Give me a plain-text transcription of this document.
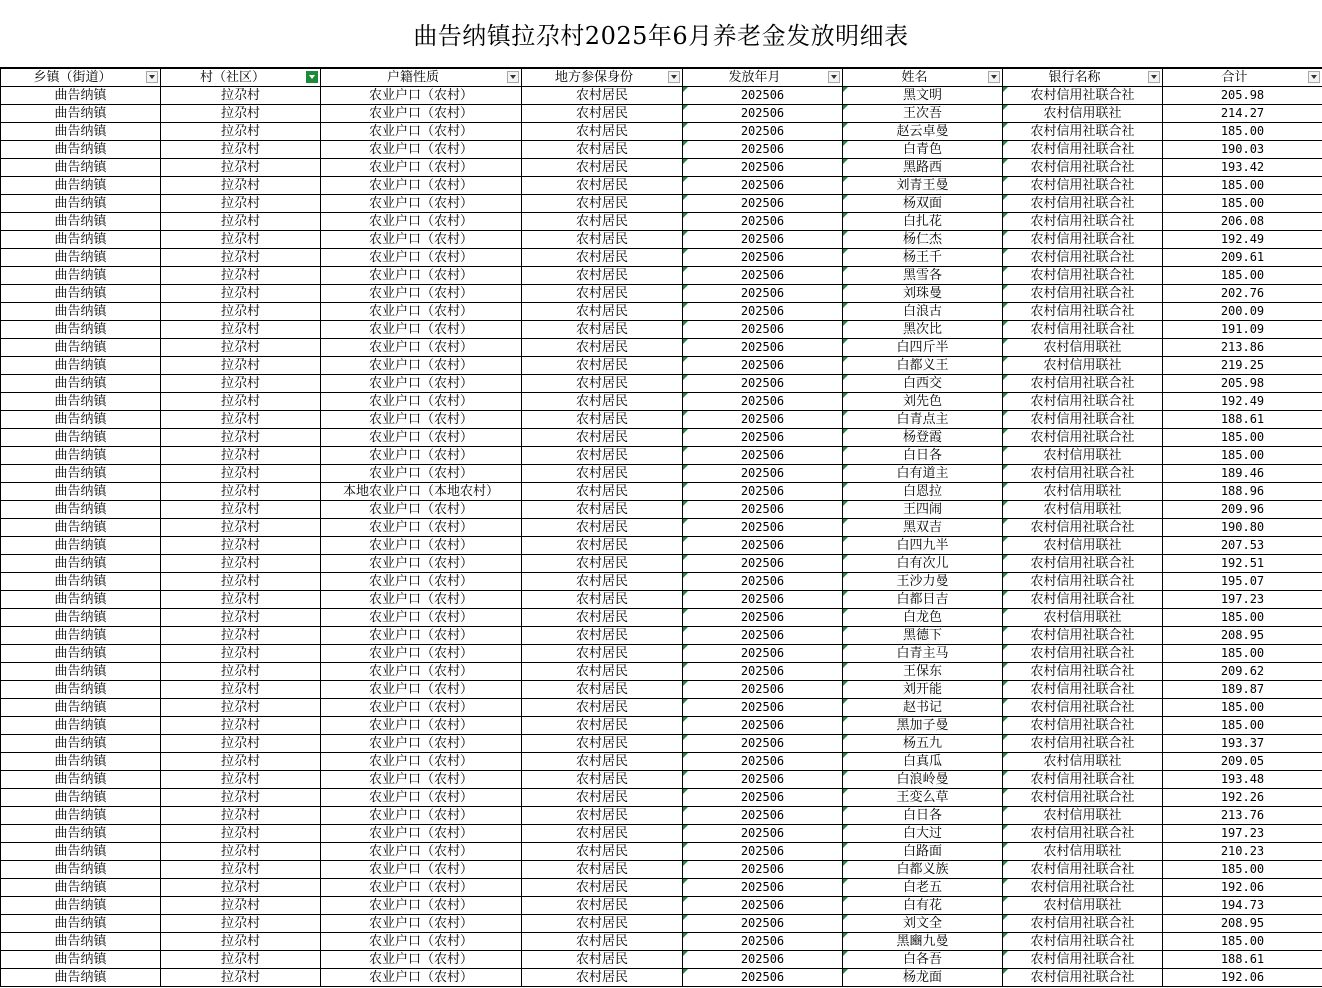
曲告纳镇拉尕村2025年6月养老金发放明细表
乡镇（街道）	村（社区）	户籍性质	地方参保身份	发放年月	姓名	银行名称	合计

曲告纳镇	拉尕村	农业户口（农村）	农村居民	202506	黑文明	农村信用社联合社	205.98
曲告纳镇	拉尕村	农业户口（农村）	农村居民	202506	王次吾	农村信用联社	214.27
曲告纳镇	拉尕村	农业户口（农村）	农村居民	202506	赵云卓曼	农村信用社联合社	185.00
曲告纳镇	拉尕村	农业户口（农村）	农村居民	202506	白青色	农村信用社联合社	190.03
曲告纳镇	拉尕村	农业户口（农村）	农村居民	202506	黑路西	农村信用社联合社	193.42
曲告纳镇	拉尕村	农业户口（农村）	农村居民	202506	刘青王曼	农村信用社联合社	185.00
曲告纳镇	拉尕村	农业户口（农村）	农村居民	202506	杨双面	农村信用社联合社	185.00
曲告纳镇	拉尕村	农业户口（农村）	农村居民	202506	白扎花	农村信用社联合社	206.08
曲告纳镇	拉尕村	农业户口（农村）	农村居民	202506	杨仁杰	农村信用社联合社	192.49
曲告纳镇	拉尕村	农业户口（农村）	农村居民	202506	杨王千	农村信用社联合社	209.61
曲告纳镇	拉尕村	农业户口（农村）	农村居民	202506	黑雪各	农村信用社联合社	185.00
曲告纳镇	拉尕村	农业户口（农村）	农村居民	202506	刘珠曼	农村信用社联合社	202.76
曲告纳镇	拉尕村	农业户口（农村）	农村居民	202506	白浪古	农村信用社联合社	200.09
曲告纳镇	拉尕村	农业户口（农村）	农村居民	202506	黑次比	农村信用社联合社	191.09
曲告纳镇	拉尕村	农业户口（农村）	农村居民	202506	白四斤半	农村信用联社	213.86
曲告纳镇	拉尕村	农业户口（农村）	农村居民	202506	白都义王	农村信用联社	219.25
曲告纳镇	拉尕村	农业户口（农村）	农村居民	202506	白西交	农村信用社联合社	205.98
曲告纳镇	拉尕村	农业户口（农村）	农村居民	202506	刘先色	农村信用社联合社	192.49
曲告纳镇	拉尕村	农业户口（农村）	农村居民	202506	白青点主	农村信用社联合社	188.61
曲告纳镇	拉尕村	农业户口（农村）	农村居民	202506	杨登霞	农村信用社联合社	185.00
曲告纳镇	拉尕村	农业户口（农村）	农村居民	202506	白日各	农村信用联社	185.00
曲告纳镇	拉尕村	农业户口（农村）	农村居民	202506	白有道主	农村信用社联合社	189.46
曲告纳镇	拉尕村	本地农业户口（本地农村）	农村居民	202506	白恩拉	农村信用联社	188.96
曲告纳镇	拉尕村	农业户口（农村）	农村居民	202506	王四闹	农村信用联社	209.96
曲告纳镇	拉尕村	农业户口（农村）	农村居民	202506	黑双吉	农村信用社联合社	190.80
曲告纳镇	拉尕村	农业户口（农村）	农村居民	202506	白四九半	农村信用联社	207.53
曲告纳镇	拉尕村	农业户口（农村）	农村居民	202506	白有次儿	农村信用社联合社	192.51
曲告纳镇	拉尕村	农业户口（农村）	农村居民	202506	王沙力曼	农村信用社联合社	195.07
曲告纳镇	拉尕村	农业户口（农村）	农村居民	202506	白都日吉	农村信用社联合社	197.23
曲告纳镇	拉尕村	农业户口（农村）	农村居民	202506	白龙色	农村信用联社	185.00
曲告纳镇	拉尕村	农业户口（农村）	农村居民	202506	黑德下	农村信用社联合社	208.95
曲告纳镇	拉尕村	农业户口（农村）	农村居民	202506	白青主马	农村信用社联合社	185.00
曲告纳镇	拉尕村	农业户口（农村）	农村居民	202506	王保东	农村信用社联合社	209.62
曲告纳镇	拉尕村	农业户口（农村）	农村居民	202506	刘开能	农村信用社联合社	189.87
曲告纳镇	拉尕村	农业户口（农村）	农村居民	202506	赵书记	农村信用社联合社	185.00
曲告纳镇	拉尕村	农业户口（农村）	农村居民	202506	黑加子曼	农村信用社联合社	185.00
曲告纳镇	拉尕村	农业户口（农村）	农村居民	202506	杨五九	农村信用社联合社	193.37
曲告纳镇	拉尕村	农业户口（农村）	农村居民	202506	白真瓜	农村信用联社	209.05
曲告纳镇	拉尕村	农业户口（农村）	农村居民	202506	白浪岭曼	农村信用社联合社	193.48
曲告纳镇	拉尕村	农业户口（农村）	农村居民	202506	王変么草	农村信用社联合社	192.26
曲告纳镇	拉尕村	农业户口（农村）	农村居民	202506	白日各	农村信用联社	213.76
曲告纳镇	拉尕村	农业户口（农村）	农村居民	202506	白大过	农村信用社联合社	197.23
曲告纳镇	拉尕村	农业户口（农村）	农村居民	202506	白路面	农村信用联社	210.23
曲告纳镇	拉尕村	农业户口（农村）	农村居民	202506	白都义族	农村信用社联合社	185.00
曲告纳镇	拉尕村	农业户口（农村）	农村居民	202506	白老五	农村信用社联合社	192.06
曲告纳镇	拉尕村	农业户口（农村）	农村居民	202506	白有花	农村信用联社	194.73
曲告纳镇	拉尕村	农业户口（农村）	农村居民	202506	刘文全	农村信用社联合社	208.95
曲告纳镇	拉尕村	农业户口（农村）	农村居民	202506	黑豳九曼	农村信用社联合社	185.00
曲告纳镇	拉尕村	农业户口（农村）	农村居民	202506	白各吾	农村信用社联合社	188.61
曲告纳镇	拉尕村	农业户口（农村）	农村居民	202506	杨龙面	农村信用社联合社	192.06
